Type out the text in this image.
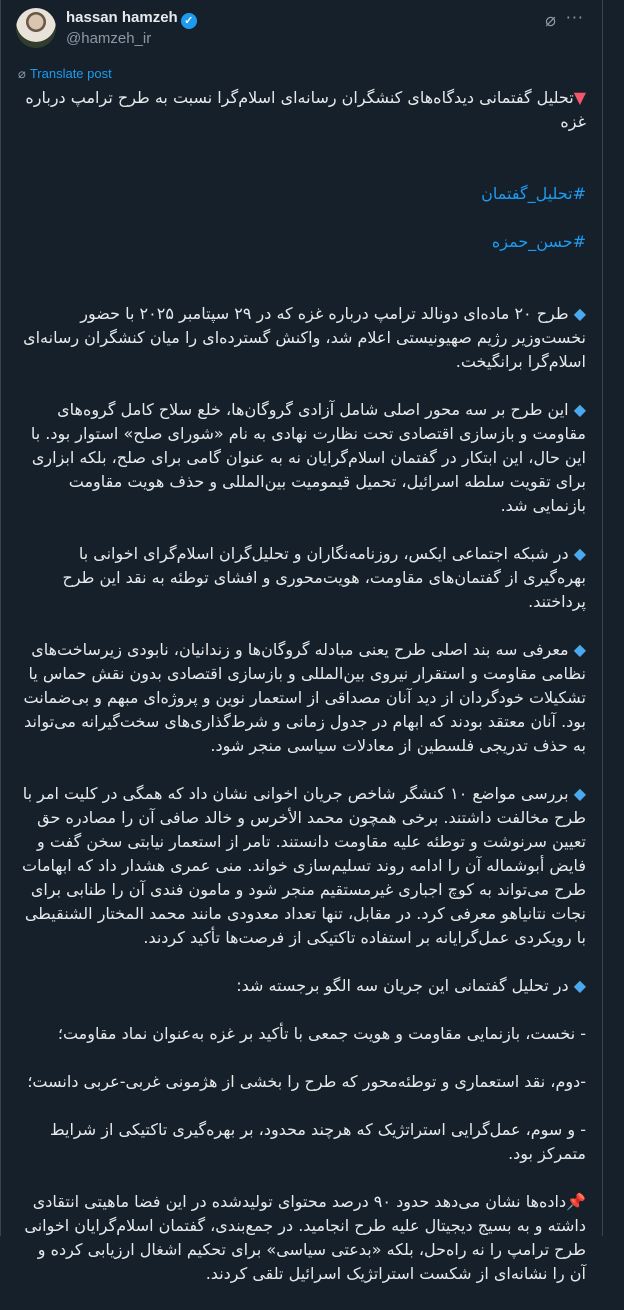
hassan hamzeh ✓
@hamzeh_ir
⌀ ···
⌀ Translate post

▼تحلیل گفتمانی دیدگاه‌های کنشگران رسانه‌ای اسلام‌گرا نسبت به طرح ترامپ درباره غزه

#تحلیل_گفتمان

#حسن_حمزه

◆ طرح ۲۰ ماده‌ای دونالد ترامپ درباره غزه که در ۲۹ سپتامبر ۲۰۲۵ با حضور نخست‌وزیر رژیم صهیونیستی اعلام شد، واکنش گسترده‌ای را میان کنشگران رسانه‌ای اسلام‌گرا برانگیخت.

◆ این طرح بر سه محور اصلی شامل آزادی گروگان‌ها، خلع سلاح کامل گروه‌های مقاومت و بازسازی اقتصادی تحت نظارت نهادی به نام «شورای صلح» استوار بود. با این حال، این ابتکار در گفتمان اسلام‌گرایان نه به عنوان گامی برای صلح، بلکه ابزاری برای تقویت سلطه اسرائیل، تحمیل قیمومیت بین‌المللی و حذف هویت مقاومت بازنمایی شد.

◆ در شبکه اجتماعی ایکس، روزنامه‌نگاران و تحلیل‌گران اسلام‌گرای اخوانی با بهره‌گیری از گفتمان‌های مقاومت، هویت‌محوری و افشای توطئه به نقد این طرح پرداختند.

◆ معرفی سه بند اصلی طرح یعنی مبادله گروگان‌ها و زندانیان، نابودی زیرساخت‌های نظامی مقاومت و استقرار نیروی بین‌المللی و بازسازی اقتصادی بدون نقش حماس یا تشکیلات خودگردان از دید آنان مصداقی از استعمار نوین و پروژه‌ای مبهم و بی‌ضمانت بود. آنان معتقد بودند که ابهام در جدول زمانی و شرط‌گذاری‌های سخت‌گیرانه می‌تواند به حذف تدریجی فلسطین از معادلات سیاسی منجر شود.

◆ بررسی مواضع ۱۰ کنشگر شاخص جریان اخوانی نشان داد که همگی در کلیت امر با طرح مخالفت داشتند. برخی همچون محمد الأخرس و خالد صافی آن را مصادره حق تعیین سرنوشت و توطئه علیه مقاومت دانستند. تامر از استعمار نیابتی سخن گفت و فایض أبوشماله آن را ادامه روند تسلیم‌سازی خواند. منی عمری هشدار داد که ابهامات طرح می‌تواند به کوچ اجباری غیرمستقیم منجر شود و مامون فندی آن را طنابی برای نجات نتانیاهو معرفی کرد. در مقابل، تنها تعداد معدودی مانند محمد المختار الشنقیطی با رویکردی عمل‌گرایانه بر استفاده تاکتیکی از فرصت‌ها تأکید کردند.

◆ در تحلیل گفتمانی این جریان سه الگو برجسته شد:

- نخست، بازنمایی مقاومت و هویت جمعی با تأکید بر غزه به‌عنوان نماد مقاومت؛

-دوم، نقد استعماری و توطئه‌محور که طرح را بخشی از هژمونی غربی-عربی دانست؛

- و سوم، عمل‌گرایی استراتژیک که هرچند محدود، بر بهره‌گیری تاکتیکی از شرایط متمرکز بود.

📌داده‌ها نشان می‌دهد حدود ۹۰ درصد محتوای تولیدشده در این فضا ماهیتی انتقادی داشته و به بسیج دیجیتال علیه طرح انجامید. در جمع‌بندی، گفتمان اسلام‌گرایان اخوانی طرح ترامپ را نه راه‌حل، بلکه «بدعتی سیاسی» برای تحکیم اشغال ارزیابی کرده و آن را نشانه‌ای از شکست استراتژیک اسرائیل تلقی کردند.
